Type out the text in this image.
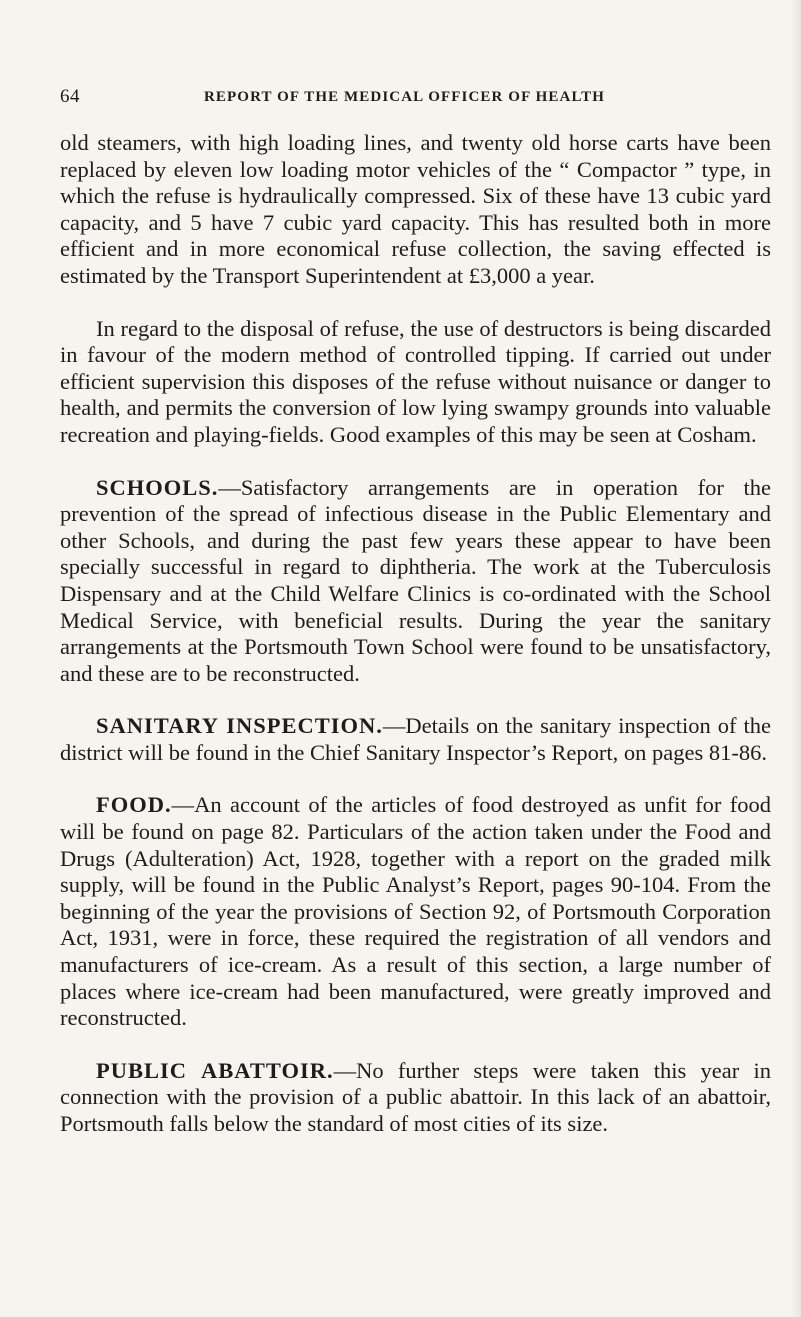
64	REPORT OF THE MEDICAL OFFICER OF HEALTH

old steamers, with high loading lines, and twenty old horse carts have been replaced by eleven low loading motor vehicles of the “ Compactor ” type, in which the refuse is hydraulically compressed. Six of these have 13 cubic yard capacity, and 5 have 7 cubic yard capacity. This has resulted both in more efficient and in more economical refuse collection, the saving effected is estimated by the Transport Superintendent at £3,000 a year.

In regard to the disposal of refuse, the use of destructors is being discarded in favour of the modern method of controlled tipping. If carried out under efficient supervision this disposes of the refuse without nuisance or danger to health, and permits the conversion of low lying swampy grounds into valuable recreation and playing-fields. Good examples of this may be seen at Cosham.

SCHOOLS.—Satisfactory arrangements are in operation for the prevention of the spread of infectious disease in the Public Elementary and other Schools, and during the past few years these appear to have been specially successful in regard to diphtheria. The work at the Tuberculosis Dispensary and at the Child Welfare Clinics is co-ordinated with the School Medical Service, with beneficial results. During the year the sanitary arrangements at the Portsmouth Town School were found to be unsatisfactory, and these are to be reconstructed.

SANITARY INSPECTION.—Details on the sanitary inspection of the district will be found in the Chief Sanitary Inspector’s Report, on pages 81-86.

FOOD.—An account of the articles of food destroyed as unfit for food will be found on page 82. Particulars of the action taken under the Food and Drugs (Adulteration) Act, 1928, together with a report on the graded milk supply, will be found in the Public Analyst’s Report, pages 90-104. From the beginning of the year the provisions of Section 92, of Portsmouth Corporation Act, 1931, were in force, these required the registration of all vendors and manufacturers of ice-cream. As a result of this section, a large number of places where ice-cream had been manufactured, were greatly improved and reconstructed.

PUBLIC ABATTOIR.—No further steps were taken this year in connection with the provision of a public abattoir. In this lack of an abattoir, Portsmouth falls below the standard of most cities of its size.
